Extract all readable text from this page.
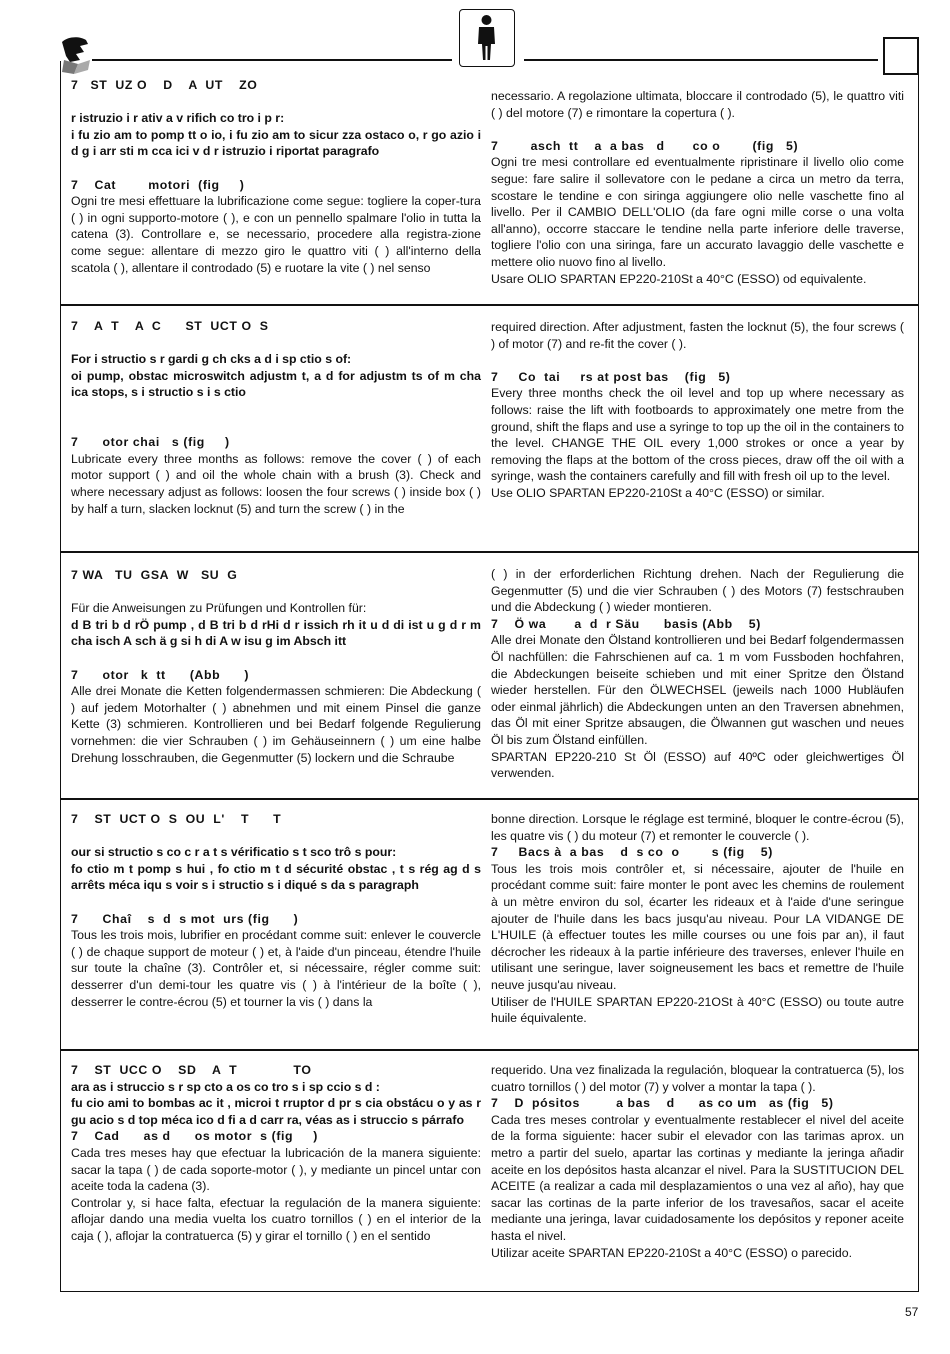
7   ST  UZ O    D    A  UT    ZO

r istruzio i r ativ a v rifich co tro i p r:

i fu zio am to pomp tt o io, i fu zio am to sicur zza ostaco o, r go azio i d g i arr sti m cca ici v d r istruzio i riportat paragrafo

7    Cat        motori  (fig     )

Ogni tre mesi effettuare la lubrificazione come segue: togliere la coper-tura ( ) in ogni supporto-motore ( ), e con un pennello spalmare l'olio in tutta la catena (3). Controllare e, se necessario, procedere alla registra-zione come segue: allentare di mezzo giro le quattro viti ( ) all'interno della scatola ( ), allentare il controdado (5) e ruotare la vite ( ) nel senso

necessario. A regolazione ultimata, bloccare il controdado (5), le quattro viti ( ) del motore (7) e rimontare la copertura ( ).

7        asch  tt    a  a bas   d       co o        (fig   5)

Ogni tre mesi controllare ed eventualmente ripristinare il livello olio come segue: fare salire il sollevatore con le pedane a circa un metro da terra, scostare le tendine e con siringa aggiungere olio nelle vaschette fino al livello. Per il CAMBIO DELL'OLIO (da fare ogni mille corse o una volta all'anno), occorre staccare le tendine nella parte inferiore delle traverse, togliere l'olio con una siringa, fare un accurato lavaggio delle vaschette e mettere olio nuovo fino al livello.

Usare OLIO SPARTAN EP220-210St a 40°C (ESSO) od equivalente.

7    A  T    A  C      ST  UCT O  S

For i structio s r gardi g ch cks a d i sp ctio s of:

oi pump, obstac microswitch adjustm t, a d for adjustm ts of m cha ica stops, s i structio s i s ctio

7      otor chai   s (fig     )

Lubricate every three months as follows: remove the cover ( ) of each motor support ( ) and oil the whole chain with a brush (3). Check and where necessary adjust as follows: loosen the four screws ( ) inside box ( ) by half a turn, slacken locknut (5) and turn the screw ( ) in the

required direction. After adjustment, fasten the locknut (5), the four screws ( ) of motor (7) and re-fit the cover ( ).

7     Co  tai     rs at post bas    (fig   5)

Every three months check the oil level and top up where necessary as follows: raise the lift with footboards to approximately one metre from the ground, shift the flaps and use a syringe to top up the oil in the containers to the level. CHANGE THE OIL every 1,000 strokes or once a year by removing the flaps at the bottom of the cross pieces, draw off the oil with a syringe, wash the containers carefully and fill with fresh oil up to the level.

Use OLIO SPARTAN EP220-210St a 40°C (ESSO) or similar.

7 WA   TU  GSA  W   SU  G

Für die Anweisungen zu Prüfungen und Kontrollen für:

d B tri b d rÖ pump , d B tri b d rHi d r issich rh it u d di ist u g d r m cha isch A sch ä g si h di A w isu g im Absch itt

7      otor   k  tt      (Abb      )

Alle drei Monate die Ketten folgendermassen schmieren: Die Abdeckung ( ) auf jedem Motorhalter ( ) abnehmen und mit einem Pinsel die ganze Kette (3) schmieren. Kontrollieren und bei Bedarf folgende Regulierung vornehmen: die vier Schrauben ( ) im Gehäuseinnern ( ) um eine halbe Drehung losschrauben, die Gegenmutter (5) lockern und die Schraube

( ) in der erforderlichen Richtung drehen. Nach der Regulierung die Gegenmutter (5) und die vier Schrauben ( ) des Motors (7) festschrauben und die Abdeckung ( ) wieder montieren.

7    Ö wa       a  d  r Säu      basis (Abb    5)

Alle drei Monate den Ölstand kontrollieren und bei Bedarf folgendermassen Öl nachfüllen: die Fahrschienen auf ca. 1 m vom Fussboden hochfahren, die Abdeckungen beiseite schieben und mit einer Spritze den Ölstand wieder herstellen. Für den ÖLWECHSEL (jeweils nach 1000 Hubläufen oder einmal jährlich) die Abdeckungen unten an den Traversen abnehmen, das Öl mit einer Spritze absaugen, die Ölwannen gut waschen und neues Öl bis zum Ölstand einfüllen.

SPARTAN EP220-210 St Öl (ESSO) auf 40ºC oder gleichwertiges Öl verwenden.

7    ST  UCT O  S  OU  L'    T      T

our si structio s co c r a t s vérificatio s t sco trô s pour:

fo ctio m t pomp s hui , fo ctio m t d sécurité obstac , t s rég ag d s arrêts méca iqu s voir s i structio s i diqué s da s paragraph

7      Chaî    s  d  s mot  urs (fig      )

Tous les trois mois, lubrifier en procédant comme suit: enlever le couvercle ( ) de chaque support de moteur ( ) et, à l'aide d'un pinceau, étendre l'huile sur toute la chaîne (3). Contrôler et, si nécessaire, régler comme suit: desserrer d'un demi-tour les quatre vis ( ) à l'intérieur de la boîte ( ), desserrer le contre-écrou (5) et tourner la vis ( ) dans la

bonne direction. Lorsque le réglage est terminé, bloquer le contre-écrou (5), les quatre vis ( ) du moteur (7) et remonter le couvercle ( ).

7     Bacs à  a bas    d  s co  o        s (fig    5)

Tous les trois mois contrôler et, si nécessaire, ajouter de l'huile en procédant comme suit: faire monter le pont avec les chemins de roulement à un mètre environ du sol, écarter les rideaux et à l'aide d'une seringue ajouter de l'huile dans les bacs jusqu'au niveau. Pour LA VIDANGE DE L'HUILE (à effectuer toutes les mille courses ou une fois par an), il faut décrocher les rideaux à la partie inférieure des traverses, enlever l'huile en utilisant une seringue, laver soigneusement les bacs et remettre de l'huile neuve jusqu'au niveau.

Utiliser de l'HUILE SPARTAN EP220-21OSt à 40°C (ESSO) ou toute autre huile équivalente.

7    ST  UCC O    SD    A  T              TO

ara as i struccio s r sp cto a os co tro s i sp ccio s d :

fu cio ami to bombas ac it , microi t rruptor d pr s cia obstácu o y as r gu acio s d top méca ico d fi a d carr ra, véas as i struccio s párrafo

7    Cad      as d      os motor  s (fig     )

Cada tres meses hay que efectuar la lubricación de la manera siguiente: sacar la tapa ( ) de cada soporte-motor ( ), y mediante un pincel untar con aceite toda la cadena (3).

Controlar y, si hace falta, efectuar la regulación de la manera siguiente: aflojar dando una media vuelta los cuatro tornillos ( ) en el interior de la caja ( ), aflojar la contratuerca (5) y girar el tornillo ( ) en el sentido

requerido. Una vez finalizada la regulación, bloquear la contratuerca (5), los cuatro tornillos ( ) del motor (7) y volver a montar la tapa ( ).

7    D  pósitos         a bas    d      as co um   as (fig   5)

Cada tres meses controlar y eventualmente restablecer el nivel del aceite de la forma siguiente: hacer subir el elevador con las tarimas aprox. un metro a partir del suelo, apartar las cortinas y mediante la jeringa añadir aceite en los depósitos hasta alcanzar el nivel. Para la SUSTITUCION DEL ACEITE (a realizar a cada mil desplazamientos o una vez al año), hay que sacar las cortinas de la parte inferior de los travesaños, sacar el aceite mediante una jeringa, lavar cuidadosamente los depósitos y reponer aceite hasta el nivel.

Utilizar aceite SPARTAN EP220-210St a 40°C (ESSO) o parecido.

57
